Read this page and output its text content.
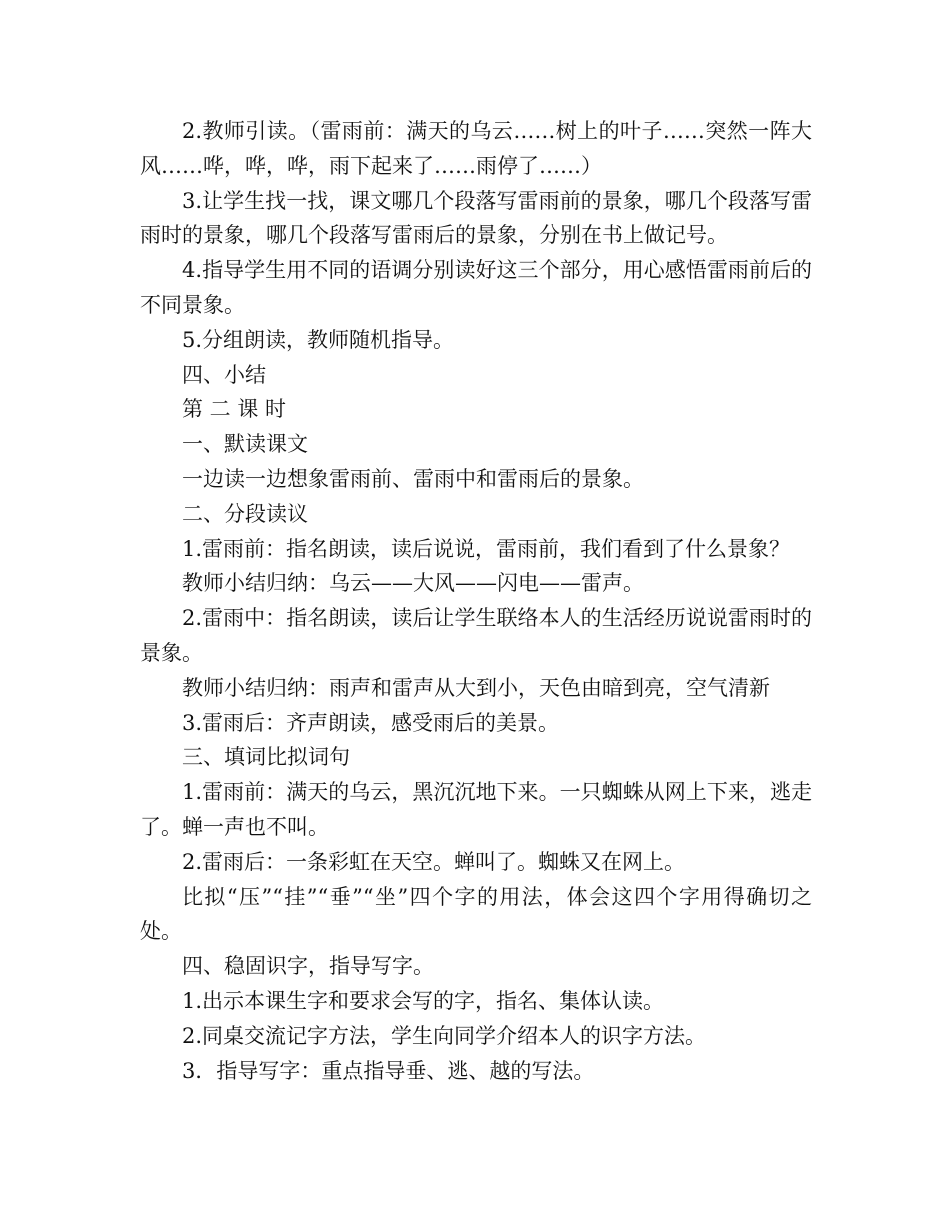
2.教师引读。（雷雨前：满天的乌云……树上的叶子……突然一阵大风……哗，哗，哗，雨下起来了……雨停了……）

3.让学生找一找，课文哪几个段落写雷雨前的景象，哪几个段落写雷雨时的景象，哪几个段落写雷雨后的景象，分别在书上做记号。

4.指导学生用不同的语调分别读好这三个部分，用心感悟雷雨前后的不同景象。

5.分组朗读，教师随机指导。

四、小结

第 二 课 时

一、默读课文

一边读一边想象雷雨前、雷雨中和雷雨后的景象。

二、分段读议

1.雷雨前：指名朗读，读后说说，雷雨前，我们看到了什么景象？

教师小结归纳：乌云——大风——闪电——雷声。

2.雷雨中：指名朗读，读后让学生联络本人的生活经历说说雷雨时的景象。

教师小结归纳：雨声和雷声从大到小，天色由暗到亮，空气清新

3.雷雨后：齐声朗读，感受雨后的美景。

三、填词比拟词句

1.雷雨前：满天的乌云，黑沉沉地下来。一只蜘蛛从网上下来，逃走了。蝉一声也不叫。

2.雷雨后：一条彩虹在天空。蝉叫了。蜘蛛又在网上。

比拟“压”“挂”“垂”“坐”四个字的用法，体会这四个字用得确切之处。

四、稳固识字，指导写字。

1.出示本课生字和要求会写的字，指名、集体认读。

2.同桌交流记字方法，学生向同学介绍本人的识字方法。

3．指导写字：重点指导垂、逃、越的写法。
